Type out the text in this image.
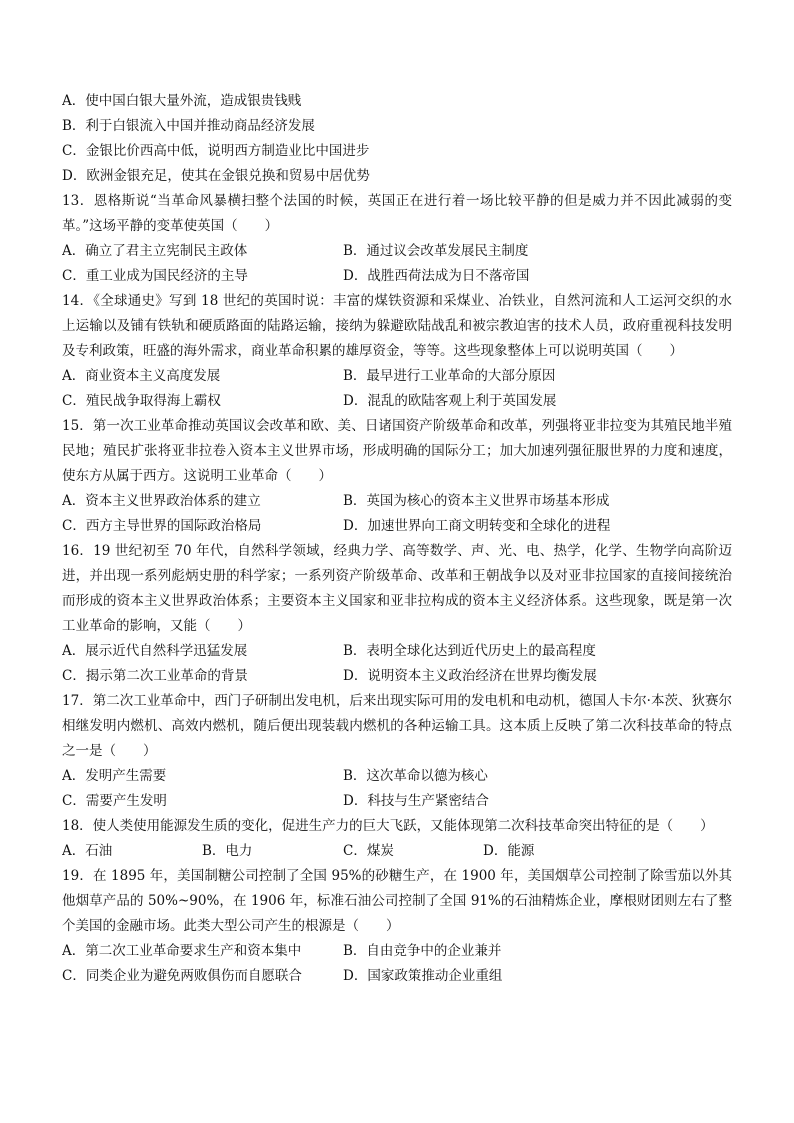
A．使中国白银大量外流，造成银贵钱贱
B．利于白银流入中国并推动商品经济发展
C．金银比价西高中低，说明西方制造业比中国进步
D．欧洲金银充足，使其在金银兑换和贸易中居优势
13．恩格斯说“当革命风暴横扫整个法国的时候，英国正在进行着一场比较平静的但是威力并不因此减弱的变革。”这场平静的变革使英国（　　）
A．确立了君主立宪制民主政体	B．通过议会改革发展民主制度
C．重工业成为国民经济的主导	D．战胜西荷法成为日不落帝国
14．《全球通史》写到 18 世纪的英国时说：丰富的煤铁资源和采煤业、冶铁业，自然河流和人工运河交织的水上运输以及铺有铁轨和硬质路面的陆路运输，接纳为躲避欧陆战乱和被宗教迫害的技术人员，政府重视科技发明及专利政策，旺盛的海外需求，商业革命积累的雄厚资金，等等。这些现象整体上可以说明英国（　　）
A．商业资本主义高度发展	B．最早进行工业革命的大部分原因
C．殖民战争取得海上霸权	D．混乱的欧陆客观上利于英国发展
15．第一次工业革命推动英国议会改革和欧、美、日诸国资产阶级革命和改革，列强将亚非拉变为其殖民地半殖民地；殖民扩张将亚非拉卷入资本主义世界市场，形成明确的国际分工；加大加速列强征服世界的力度和速度，使东方从属于西方。这说明工业革命（　　）
A．资本主义世界政治体系的建立	B．英国为核心的资本主义世界市场基本形成
C．西方主导世界的国际政治格局	D．加速世界向工商文明转变和全球化的进程
16．19 世纪初至 70 年代，自然科学领域，经典力学、高等数学、声、光、电、热学，化学、生物学向高阶迈进，并出现一系列彪炳史册的科学家；一系列资产阶级革命、改革和王朝战争以及对亚非拉国家的直接间接统治而形成的资本主义世界政治体系；主要资本主义国家和亚非拉构成的资本主义经济体系。这些现象，既是第一次工业革命的影响，又能（　　）
A．展示近代自然科学迅猛发展	B．表明全球化达到近代历史上的最高程度
C．揭示第二次工业革命的背景	D．说明资本主义政治经济在世界均衡发展
17．第二次工业革命中，西门子研制出发电机，后来出现实际可用的发电机和电动机，德国人卡尔·本茨、狄赛尔相继发明内燃机、高效内燃机，随后便出现装载内燃机的各种运输工具。这本质上反映了第二次科技革命的特点之一是（　　）
A．发明产生需要	B．这次革命以德为核心
C．需要产生发明	D．科技与生产紧密结合
18．使人类使用能源发生质的变化，促进生产力的巨大飞跃，又能体现第二次科技革命突出特征的是（　　）
A．石油	B．电力	C．煤炭	D．能源
19．在 1895 年，美国制糖公司控制了全国 95%的砂糖生产，在 1900 年，美国烟草公司控制了除雪茄以外其他烟草产品的 50%~90%，在 1906 年，标准石油公司控制了全国 91%的石油精炼企业，摩根财团则左右了整个美国的金融市场。此类大型公司产生的根源是（　　）
A．第二次工业革命要求生产和资本集中	B．自由竞争中的企业兼并
C．同类企业为避免两败俱伤而自愿联合	D．国家政策推动企业重组
